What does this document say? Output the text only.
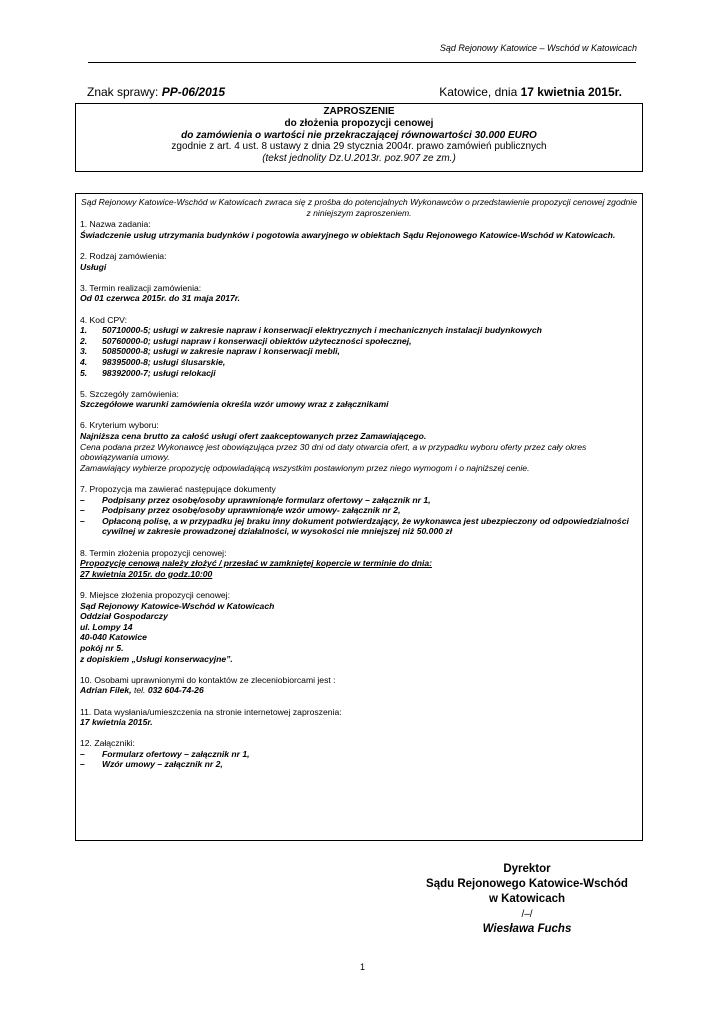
Sąd Rejonowy Katowice – Wschód w Katowicach
Znak sprawy: PP-06/2015	Katowice, dnia 17 kwietnia 2015r.
ZAPROSZENIE
do złożenia propozycji cenowej
do zamówienia o wartości nie przekraczającej równowartości 30.000 EURO
zgodnie z art. 4 ust. 8 ustawy z dnia 29 stycznia 2004r. prawo zamówień publicznych
(tekst jednolity Dz.U.2013r. poz.907 ze zm.)
Sąd Rejonowy Katowice-Wschód w Katowicach zwraca się z prośba do potencjalnych Wykonawców o przedstawienie propozycji cenowej zgodnie z niniejszym zaproszeniem.
1. Nazwa zadania:
Świadczenie usług utrzymania budynków i pogotowia awaryjnego w obiektach Sądu Rejonowego Katowice-Wschód w Katowicach.
2. Rodzaj zamówienia:
Usługi
3. Termin realizacji zamówienia:
Od 01 czerwca 2015r. do 31 maja 2017r.
4. Kod CPV:
1.	50710000-5; usługi w zakresie napraw i konserwacji elektrycznych i mechanicznych instalacji budynkowych
2.	50760000-0; usługi napraw i konserwacji obiektów użyteczności społecznej,
3.	50850000-8; usługi w zakresie napraw i konserwacji mebli,
4.	98395000-8; usługi ślusarskie,
5.	98392000-7; usługi relokacji
5. Szczegóły zamówienia:
Szczegółowe warunki zamówienia określa wzór umowy wraz z załącznikami
6. Kryterium wyboru:
Najniższa cena brutto za całość usługi ofert zaakceptowanych przez Zamawiającego.
Cena podana przez Wykonawcę jest obowiązująca przez 30 dni od daty otwarcia ofert, a w przypadku wyboru oferty przez cały okres obowiązywania umowy.
Zamawiający wybierze propozycję odpowiadającą wszystkim postawionym przez niego wymogom i o najniższej cenie.
7. Propozycja ma zawierać następujące dokumenty
–	Podpisany przez osobę/osoby uprawnioną/e formularz ofertowy – załącznik nr 1,
–	Podpisany przez osobę/osoby uprawnioną/e wzór umowy- załącznik nr 2,
–	Opłaconą polisę, a w przypadku jej braku inny dokument potwierdzający, że wykonawca jest ubezpieczony od odpowiedzialności cywilnej w zakresie prowadzonej działalności, w wysokości nie mniejszej niż 50.000 zł
8. Termin złożenia propozycji cenowej:
Propozycję cenową należy złożyć / przesłać w zamkniętej kopercie w terminie do dnia:
27 kwietnia 2015r. do godz.10:00
9. Miejsce złożenia propozycji cenowej:
Sąd Rejonowy Katowice-Wschód w Katowicach
Oddział Gospodarczy
ul. Lompy 14
40-040 Katowice
pokój nr 5.
z dopiskiem „Usługi konserwacyjne”.
10. Osobami uprawnionymi do kontaktów ze zleceniobiorcami jest :
Adrian Filek, tel. 032 604-74-26
11. Data wysłania/umieszczenia na stronie internetowej zaproszenia:
17 kwietnia 2015r.
12. Załączniki:
–	Formularz ofertowy – załącznik nr 1,
–	Wzór umowy – załącznik nr 2,
Dyrektor
Sądu Rejonowego Katowice-Wschód
w Katowicach
/–/
Wiesława Fuchs
1
